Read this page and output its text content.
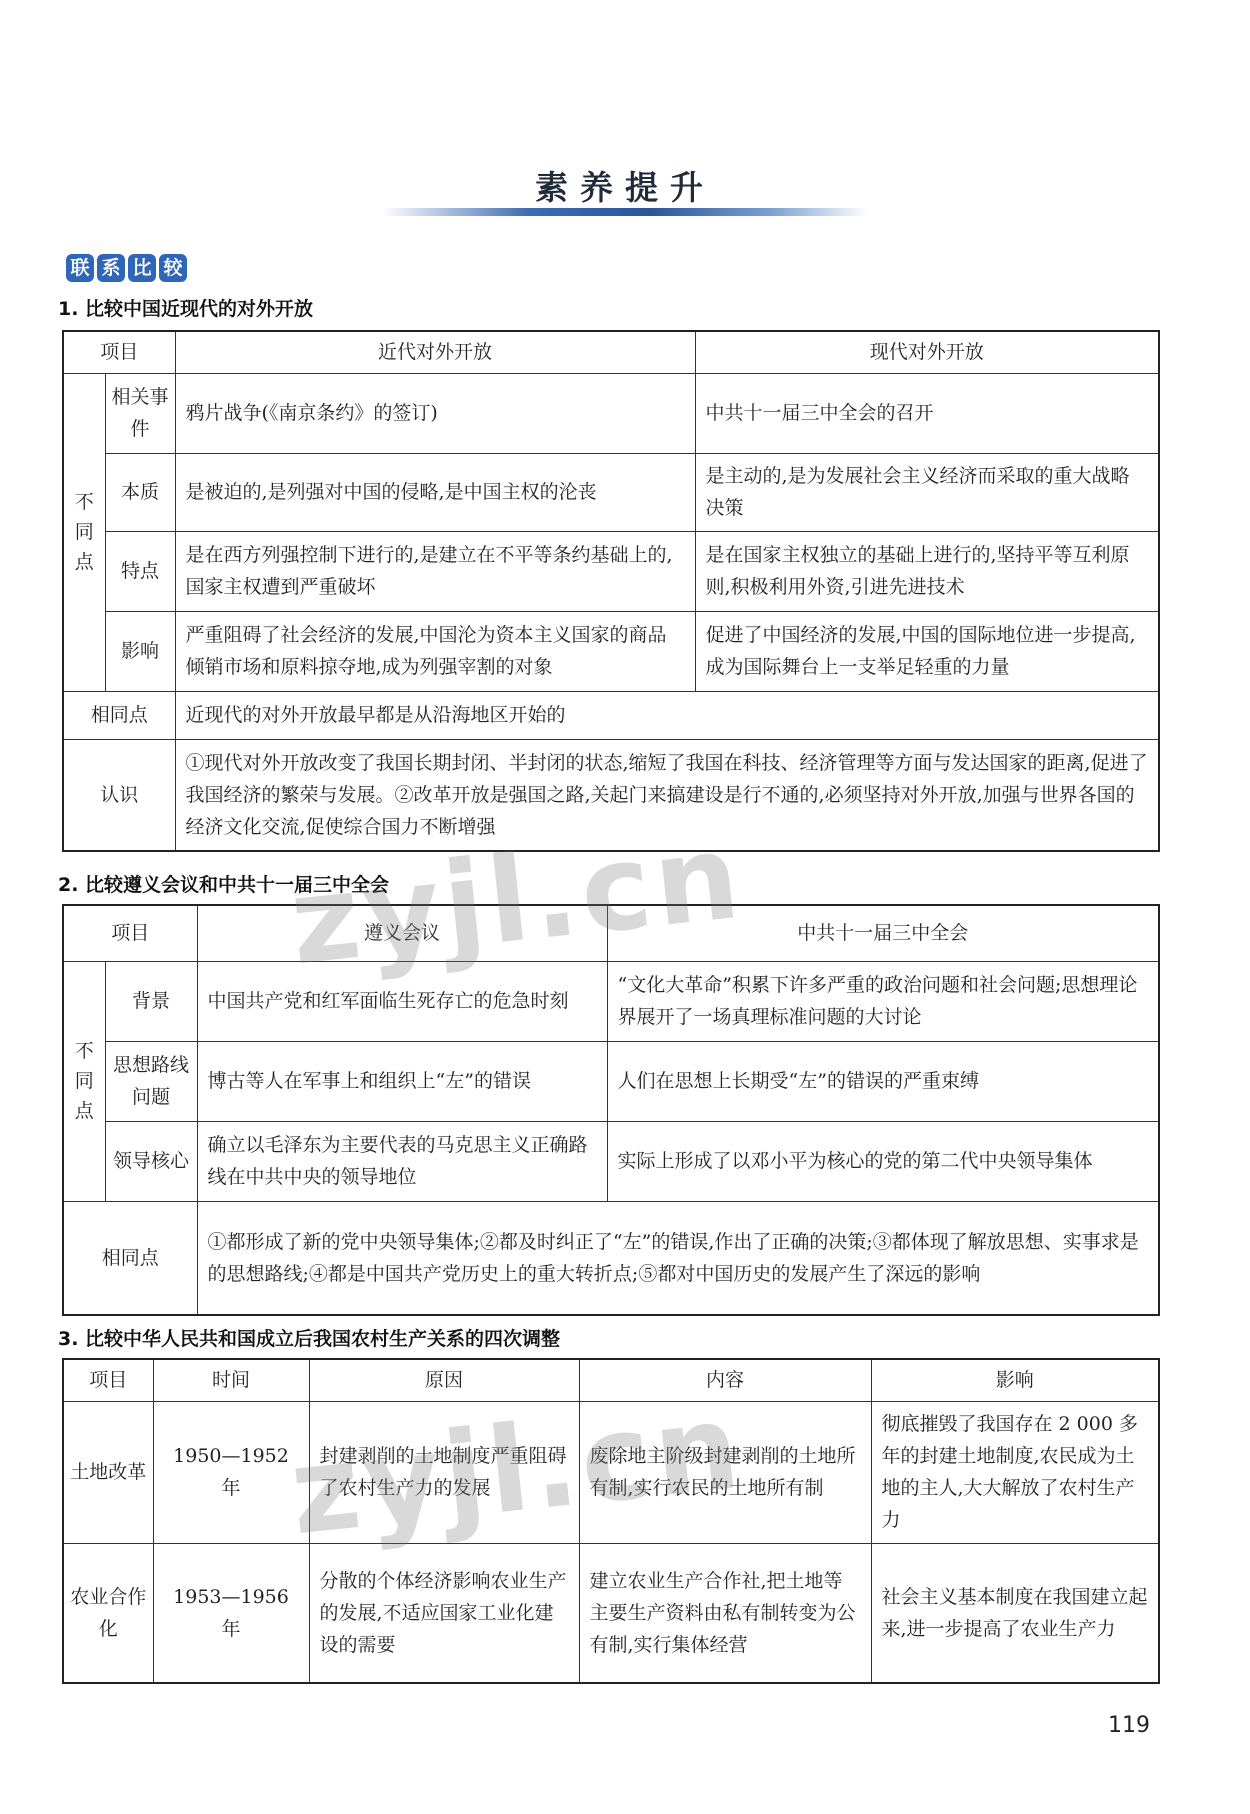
素养提升
联 系 比 较
1. 比较中国近现代的对外开放
项目		近代对外开放	现代对外开放
不同点	相关事件	鸦片战争(《南京条约》的签订)	中共十一届三中全会的召开
	本质	是被迫的,是列强对中国的侵略,是中国主权的沦丧	是主动的,是为发展社会主义经济而采取的重大战略决策
	特点	是在西方列强控制下进行的,是建立在不平等条约基础上的,国家主权遭到严重破坏	是在国家主权独立的基础上进行的,坚持平等互利原则,积极利用外资,引进先进技术
	影响	严重阻碍了社会经济的发展,中国沦为资本主义国家的商品倾销市场和原料掠夺地,成为列强宰割的对象	促进了中国经济的发展,中国的国际地位进一步提高,成为国际舞台上一支举足轻重的力量
相同点		近现代的对外开放最早都是从沿海地区开始的	
认识		①现代对外开放改变了我国长期封闭、半封闭的状态,缩短了我国在科技、经济管理等方面与发达国家的距离,促进了我国经济的繁荣与发展。②改革开放是强国之路,关起门来搞建设是行不通的,必须坚持对外开放,加强与世界各国的经济文化交流,促使综合国力不断增强	
2. 比较遵义会议和中共十一届三中全会
项目		遵义会议	中共十一届三中全会
不同点	背景	中国共产党和红军面临生死存亡的危急时刻	“文化大革命”积累下许多严重的政治问题和社会问题;思想理论界展开了一场真理标准问题的大讨论
	思想路线问题	博古等人在军事上和组织上“左”的错误	人们在思想上长期受“左”的错误的严重束缚
	领导核心	确立以毛泽东为主要代表的马克思主义正确路线在中共中央的领导地位	实际上形成了以邓小平为核心的党的第二代中央领导集体
相同点		①都形成了新的党中央领导集体;②都及时纠正了“左”的错误,作出了正确的决策;③都体现了解放思想、实事求是的思想路线;④都是中国共产党历史上的重大转折点;⑤都对中国历史的发展产生了深远的影响	
3. 比较中华人民共和国成立后我国农村生产关系的四次调整
项目	时间	原因	内容	影响
土地改革	1950—1952 年	封建剥削的土地制度严重阻碍了农村生产力的发展	废除地主阶级封建剥削的土地所有制,实行农民的土地所有制	彻底摧毁了我国存在 2 000 多年的封建土地制度,农民成为土地的主人,大大解放了农村生产力
农业合作化	1953—1956 年	分散的个体经济影响农业生产的发展,不适应国家工业化建设的需要	建立农业生产合作社,把土地等主要生产资料由私有制转变为公有制,实行集体经营	社会主义基本制度在我国建立起来,进一步提高了农业生产力
zyjl.cn
zyjl.cn
119
